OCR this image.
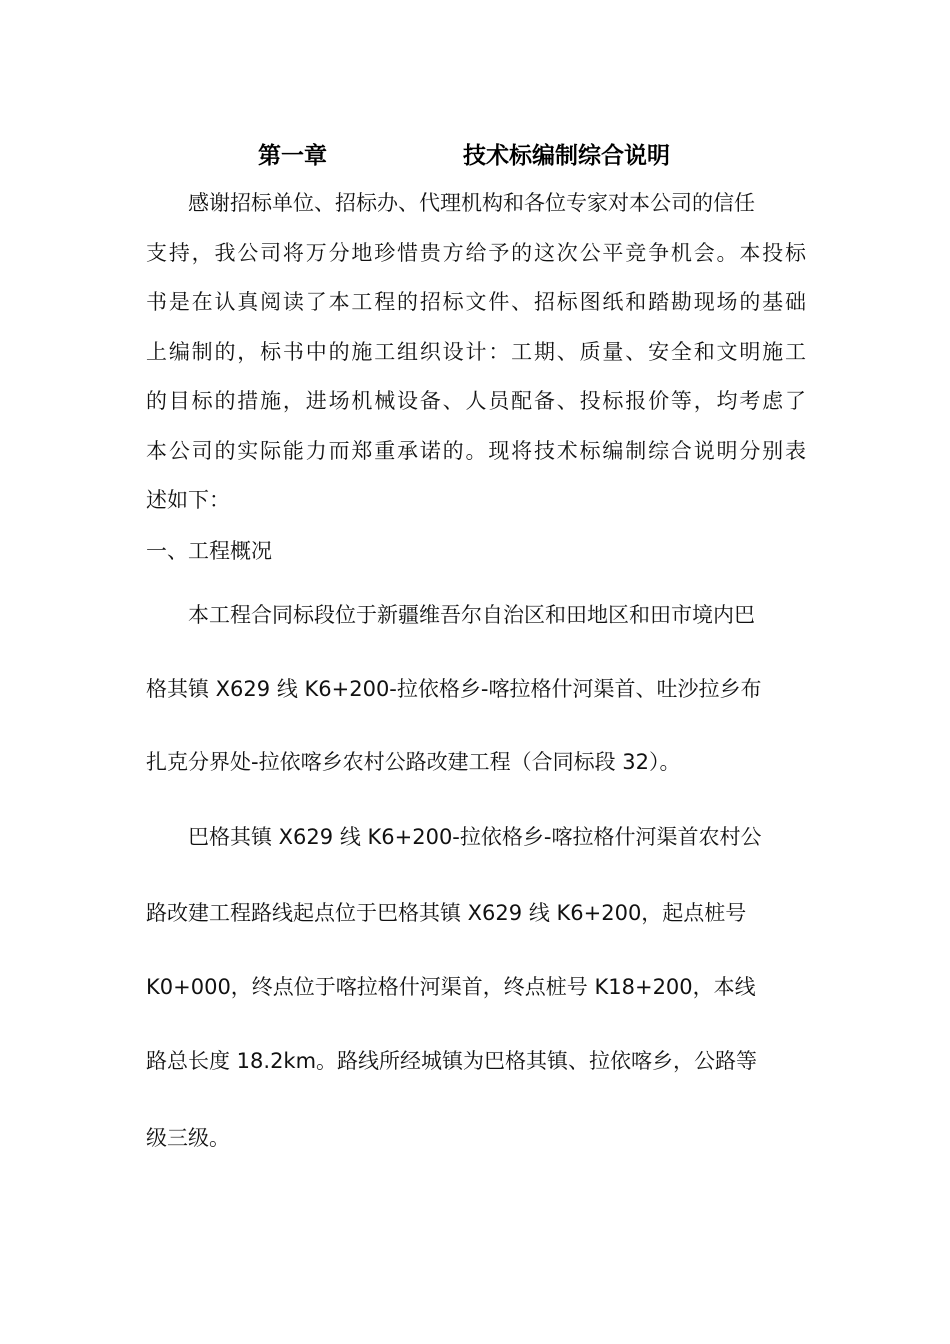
第一章	技术标编制综合说明
感谢招标单位、招标办、代理机构和各位专家对本公司的信任
支持，我公司将万分地珍惜贵方给予的这次公平竞争机会。本投标
书是在认真阅读了本工程的招标文件、招标图纸和踏勘现场的基础
上编制的，标书中的施工组织设计：工期、质量、安全和文明施工
的目标的措施，进场机械设备、人员配备、投标报价等，均考虑了
本公司的实际能力而郑重承诺的。现将技术标编制综合说明分别表
述如下：
一、工程概况
本工程合同标段位于新疆维吾尔自治区和田地区和田市境内巴
格其镇 X629 线 K6+200-拉依格乡-喀拉格什河渠首、吐沙拉乡布
扎克分界处-拉依喀乡农村公路改建工程（合同标段 32）。
巴格其镇 X629 线 K6+200-拉依格乡-喀拉格什河渠首农村公
路改建工程路线起点位于巴格其镇 X629 线 K6+200，起点桩号
K0+000，终点位于喀拉格什河渠首，终点桩号 K18+200，本线
路总长度 18.2km。路线所经城镇为巴格其镇、拉依喀乡，公路等
级三级。
